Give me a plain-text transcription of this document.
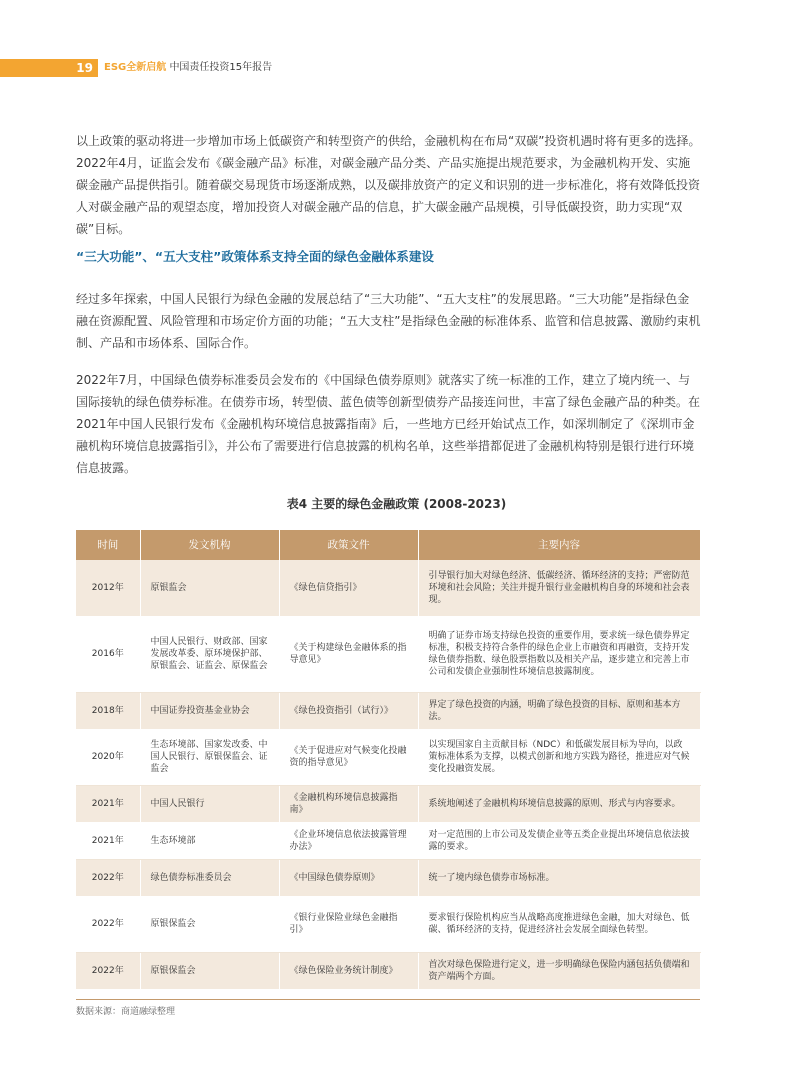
19	ESG全新启航 中国责任投资15年报告

以上政策的驱动将进一步增加市场上低碳资产和转型资产的供给，金融机构在布局“双碳”投资机遇时将有更多的选择。2022年4月，证监会发布《碳金融产品》标准，对碳金融产品分类、产品实施提出规范要求，为金融机构开发、实施碳金融产品提供指引。随着碳交易现货市场逐渐成熟，以及碳排放资产的定义和识别的进一步标准化，将有效降低投资人对碳金融产品的观望态度，增加投资人对碳金融产品的信息，扩大碳金融产品规模，引导低碳投资，助力实现“双碳”目标。

“三大功能”、“五大支柱”政策体系支持全面的绿色金融体系建设

经过多年探索，中国人民银行为绿色金融的发展总结了“三大功能”、“五大支柱”的发展思路。“三大功能”是指绿色金融在资源配置、风险管理和市场定价方面的功能；“五大支柱”是指绿色金融的标准体系、监管和信息披露、激励约束机制、产品和市场体系、国际合作。

2022年7月，中国绿色债券标准委员会发布的《中国绿色债券原则》就落实了统一标准的工作，建立了境内统一、与国际接轨的绿色债券标准。在债券市场，转型债、蓝色债等创新型债券产品接连问世，丰富了绿色金融产品的种类。在2021年中国人民银行发布《金融机构环境信息披露指南》后，一些地方已经开始试点工作，如深圳制定了《深圳市金融机构环境信息披露指引》，并公布了需要进行信息披露的机构名单，这些举措都促进了金融机构特别是银行进行环境信息披露。

表4 主要的绿色金融政策 (2008-2023)

时间	发文机构	政策文件	主要内容
2012年	原银监会	《绿色信贷指引》	引导银行加大对绿色经济、低碳经济、循环经济的支持；严密防范环境和社会风险；关注并提升银行业金融机构自身的环境和社会表现。
2016年	中国人民银行、财政部、国家发展改革委、原环境保护部、原银监会、证监会、原保监会	《关于构建绿色金融体系的指导意见》	明确了证券市场支持绿色投资的重要作用，要求统一绿色债券界定标准，积极支持符合条件的绿色企业上市融资和再融资，支持开发绿色债券指数、绿色股票指数以及相关产品，逐步建立和完善上市公司和发债企业强制性环境信息披露制度。
2018年	中国证券投资基金业协会	《绿色投资指引（试行）》	界定了绿色投资的内涵，明确了绿色投资的目标、原则和基本方法。
2020年	生态环境部、国家发改委、中国人民银行、原银保监会、证监会	《关于促进应对气候变化投融资的指导意见》	以实现国家自主贡献目标（NDC）和低碳发展目标为导向，以政策标准体系为支撑，以模式创新和地方实践为路径，推进应对气候变化投融资发展。
2021年	中国人民银行	《金融机构环境信息披露指南》	系统地阐述了金融机构环境信息披露的原则、形式与内容要求。
2021年	生态环境部	《企业环境信息依法披露管理办法》	对一定范围的上市公司及发债企业等五类企业提出环境信息依法披露的要求。
2022年	绿色债券标准委员会	《中国绿色债券原则》	统一了境内绿色债券市场标准。
2022年	原银保监会	《银行业保险业绿色金融指引》	要求银行保险机构应当从战略高度推进绿色金融，加大对绿色、低碳、循环经济的支持，促进经济社会发展全面绿色转型。
2022年	原银保监会	《绿色保险业务统计制度》	首次对绿色保险进行定义，进一步明确绿色保险内涵包括负债端和资产端两个方面。

数据来源：商道融绿整理
